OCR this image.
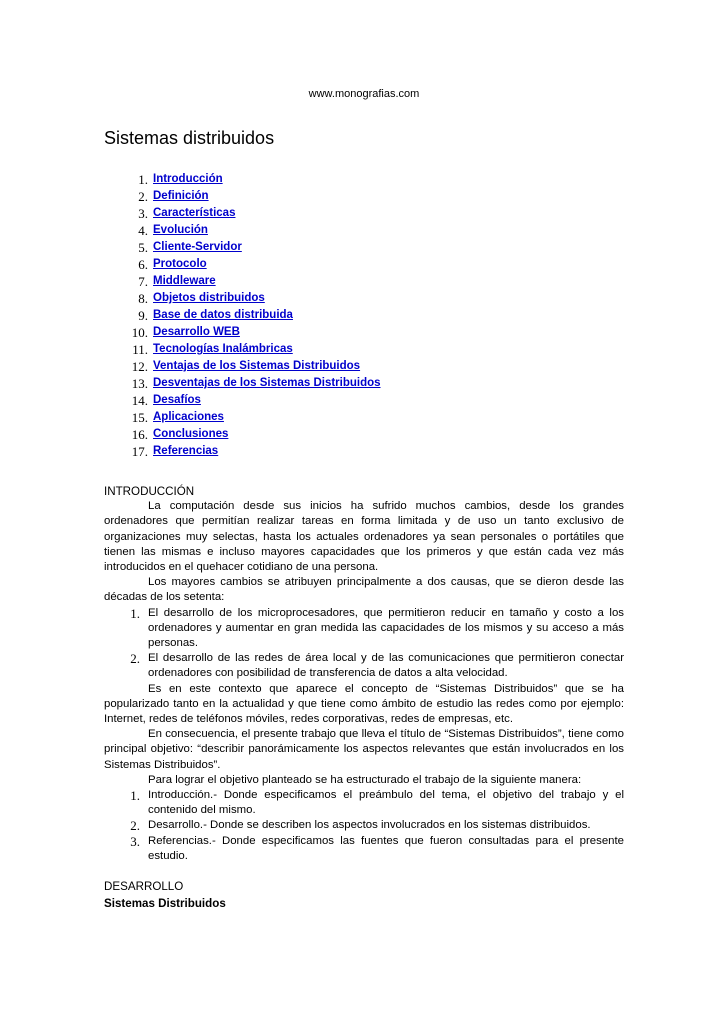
www.monografias.com
Sistemas distribuidos
1. Introducción
2. Definición
3. Características
4. Evolución
5. Cliente-Servidor
6. Protocolo
7. Middleware
8. Objetos distribuidos
9. Base de datos distribuida
10. Desarrollo WEB
11. Tecnologías Inalámbricas
12. Ventajas de los Sistemas Distribuidos
13. Desventajas de los Sistemas Distribuidos
14. Desafíos
15. Aplicaciones
16. Conclusiones
17. Referencias
INTRODUCCIÓN

La computación desde sus inicios ha sufrido muchos cambios, desde los grandes ordenadores que permitían realizar tareas en forma limitada y de uso un tanto exclusivo de organizaciones muy selectas, hasta los actuales ordenadores ya sean personales o portátiles que tienen las mismas e incluso mayores capacidades que los primeros y que están cada vez más introducidos en el quehacer cotidiano de una persona.

Los mayores cambios se atribuyen principalmente a dos causas, que se dieron desde las décadas de los setenta:

1. El desarrollo de los microprocesadores, que permitieron reducir en tamaño y costo a los ordenadores y aumentar en gran medida las capacidades de los mismos y su acceso a más personas.
2. El desarrollo de las redes de área local y de las comunicaciones que permitieron conectar ordenadores con posibilidad de transferencia de datos a alta velocidad.

Es en este contexto que aparece el concepto de “Sistemas Distribuidos” que se ha popularizado tanto en la actualidad y que tiene como ámbito de estudio las redes como por ejemplo: Internet, redes de teléfonos móviles, redes corporativas, redes de empresas, etc.

En consecuencia, el presente trabajo que lleva el título de “Sistemas Distribuidos”, tiene como principal objetivo: “describir panorámicamente los aspectos relevantes que están involucrados en los Sistemas Distribuidos”.

Para lograr el objetivo planteado se ha estructurado el trabajo de la siguiente manera:

1. Introducción.- Donde especificamos el preámbulo del tema, el objetivo del trabajo y el contenido del mismo.
2. Desarrollo.- Donde se describen los aspectos involucrados en los sistemas distribuidos.
3. Referencias.- Donde especificamos las fuentes que fueron consultadas para el presente estudio.
DESARROLLO
Sistemas Distribuidos
